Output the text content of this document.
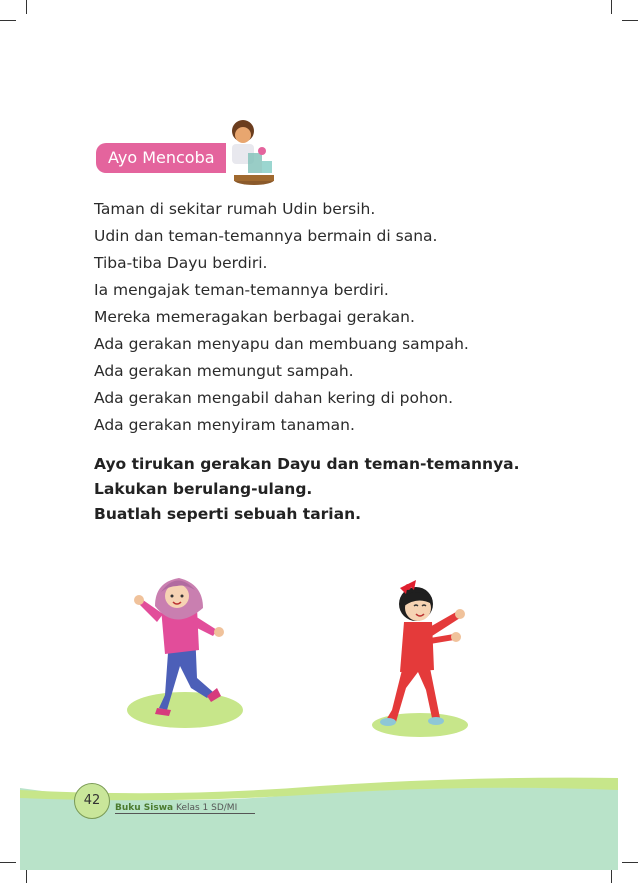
Ayo Mencoba
Taman di sekitar rumah Udin bersih.
Udin dan teman-temannya bermain di sana.
Tiba-tiba Dayu berdiri.
Ia mengajak teman-temannya berdiri.
Mereka memeragakan berbagai gerakan.
Ada gerakan menyapu dan membuang sampah.
Ada gerakan memungut sampah.
Ada gerakan mengabil dahan kering di pohon.
Ada gerakan menyiram tanaman.
Ayo tirukan gerakan Dayu dan teman-temannya.
Lakukan berulang-ulang.
Buatlah seperti sebuah tarian.
42	Buku Siswa Kelas 1 SD/MI
